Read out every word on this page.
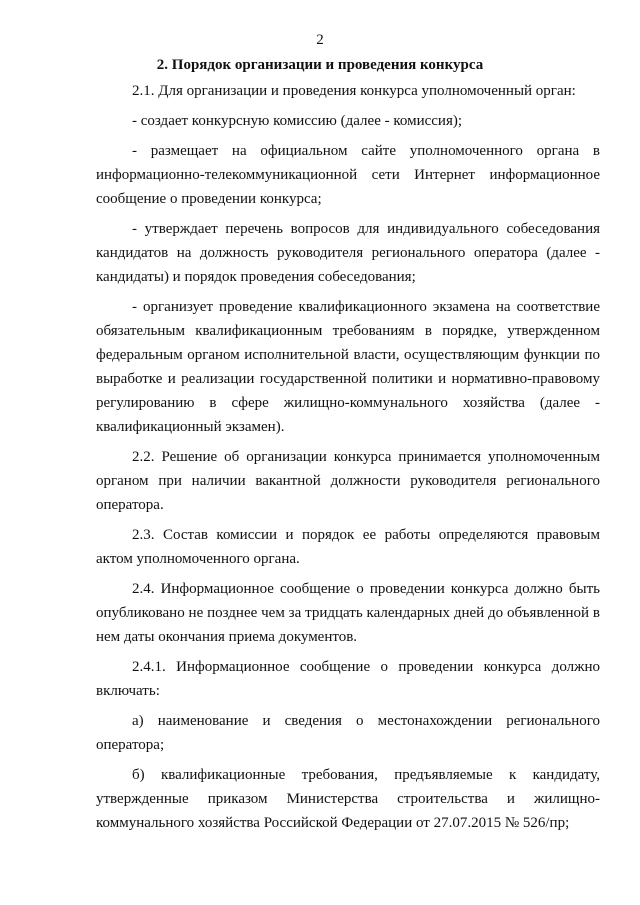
2
2. Порядок организации и проведения конкурса

2.1. Для организации и проведения конкурса уполномоченный орган:

- создает конкурсную комиссию (далее - комиссия);

- размещает на официальном сайте уполномоченного органа в информационно-телекоммуникационной сети Интернет информационное сообщение о проведении конкурса;

- утверждает перечень вопросов для индивидуального собеседования кандидатов на должность руководителя регионального оператора (далее - кандидаты) и порядок проведения собеседования;

- организует проведение квалификационного экзамена на соответствие обязательным квалификационным требованиям в порядке, утвержденном федеральным органом исполнительной власти, осуществляющим функции по выработке и реализации государственной политики и нормативно-правовому регулированию в сфере жилищно-коммунального хозяйства (далее - квалификационный экзамен).

2.2. Решение об организации конкурса принимается уполномоченным органом при наличии вакантной должности руководителя регионального оператора.

2.3. Состав комиссии и порядок ее работы определяются правовым актом уполномоченного органа.

2.4. Информационное сообщение о проведении конкурса должно быть опубликовано не позднее чем за тридцать календарных дней до объявленной в нем даты окончания приема документов.

2.4.1. Информационное сообщение о проведении конкурса должно включать:

а) наименование и сведения о местонахождении регионального оператора;

б) квалификационные требования, предъявляемые к кандидату, утвержденные приказом Министерства строительства и жилищно-коммунального хозяйства Российской Федерации от 27.07.2015 № 526/пр;
